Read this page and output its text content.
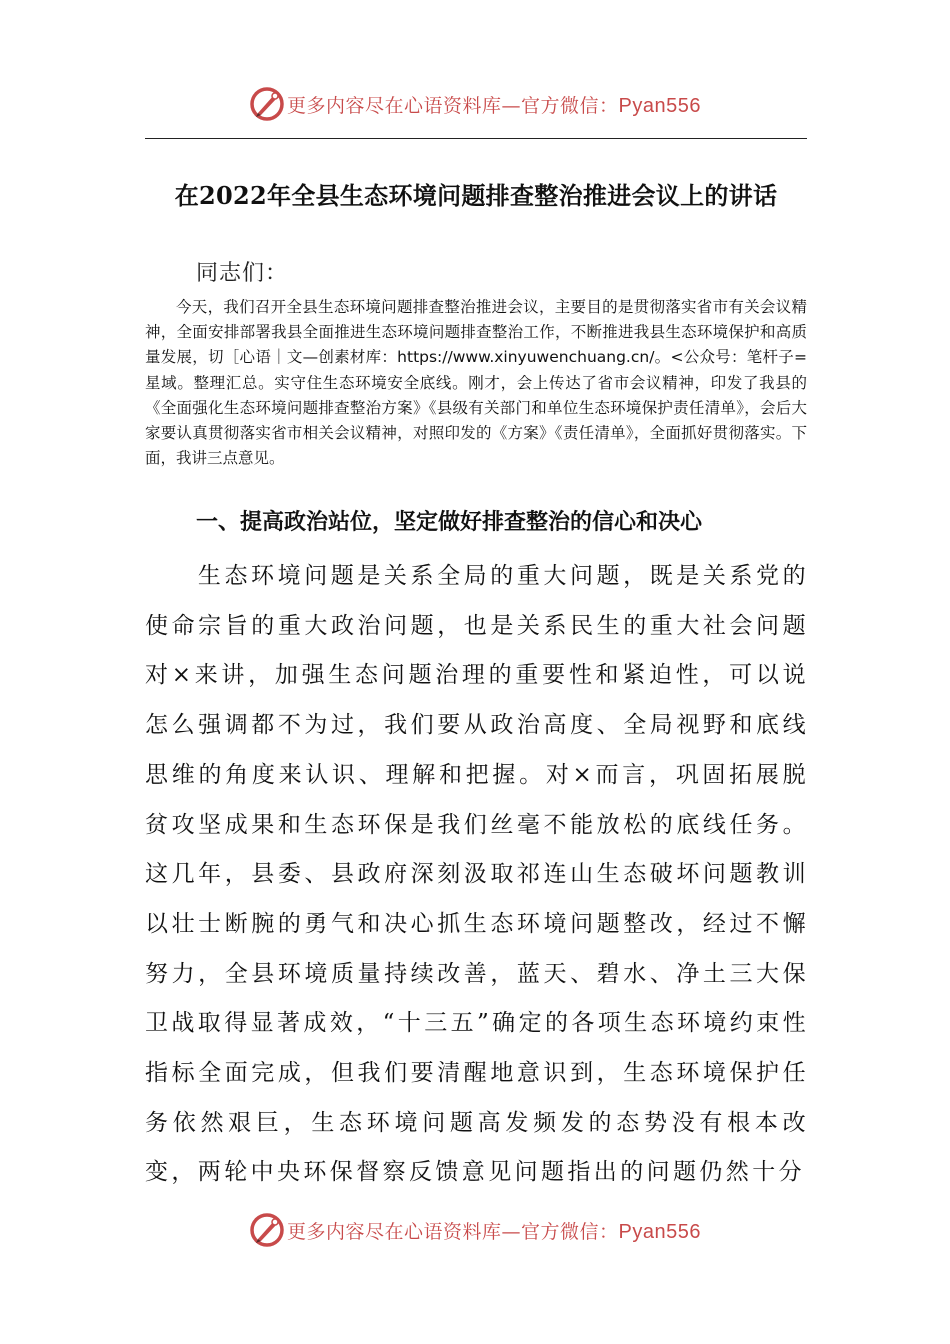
更多内容尽在心语资料库—官方微信：Pyan556
在2022年全县生态环境问题排查整治推进会议上的讲话
同志们：

今天，我们召开全县生态环境问题排查整治推进会议，主要目的是贯彻落实省市有关会议精神，全面安排部署我县全面推进生态环境问题排查整治工作，不断推进我县生态环境保护和高质量发展，切［心语｜文—创素材库：https://www.xinyuwenchuang.cn/。<公众号：笔杆子=星域。整理汇总。实守住生态环境安全底线。刚才，会上传达了省市会议精神，印发了我县的《全面强化生态环境问题排查整治方案》《县级有关部门和单位生态环境保护责任清单》，会后大家要认真贯彻落实省市相关会议精神，对照印发的《方案》《责任清单》，全面抓好贯彻落实。下面，我讲三点意见。

一、提高政治站位，坚定做好排查整治的信心和决心

生态环境问题是关系全局的重大问题，既是关系党的使命宗旨的重大政治问题，也是关系民生的重大社会问题对×来讲，加强生态问题治理的重要性和紧迫性，可以说怎么强调都不为过，我们要从政治高度、全局视野和底线思维的角度来认识、理解和把握。对×而言，巩固拓展脱贫攻坚成果和生态环保是我们丝毫不能放松的底线任务。这几年，县委、县政府深刻汲取祁连山生态破坏问题教训以壮士断腕的勇气和决心抓生态环境问题整改，经过不懈努力，全县环境质量持续改善，蓝天、碧水、净土三大保卫战取得显著成效，“十三五”确定的各项生态环境约束性指标全面完成，但我们要清醒地意识到，生态环境保护任务依然艰巨，生态环境问题高发频发的态势没有根本改变，两轮中央环保督察反馈意见问题指出的问题仍然十分

更多内容尽在心语资料库—官方微信：Pyan556
